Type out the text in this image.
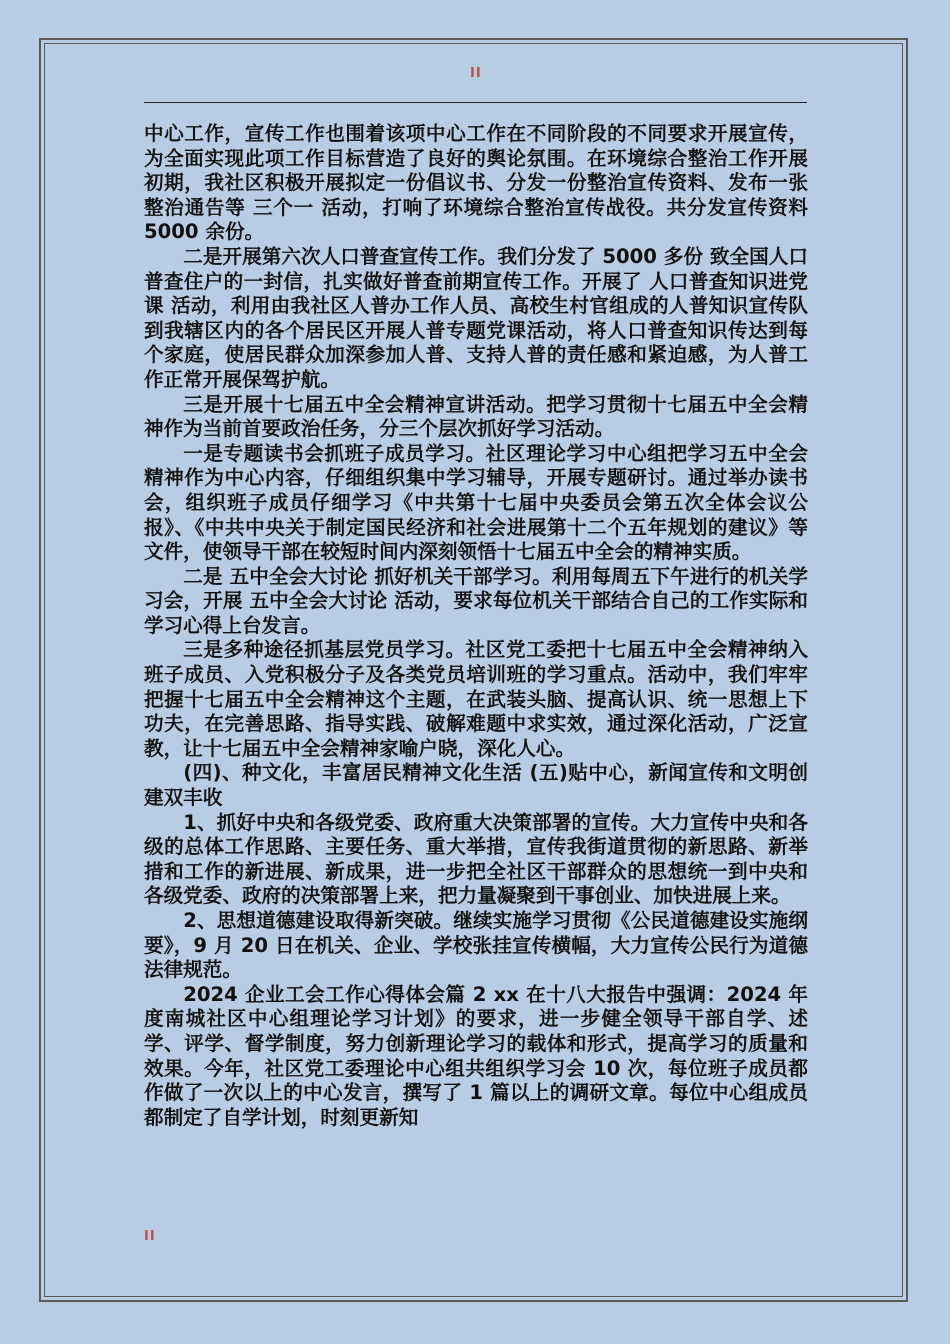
II

中心工作，宣传工作也围着该项中心工作在不同阶段的不同要求开展宣传，为全面实现此项工作目标营造了良好的舆论氛围。在环境综合整治工作开展初期，我社区积极开展拟定一份倡议书、分发一份整治宣传资料、发布一张整治通告等 三个一 活动，打响了环境综合整治宣传战役。共分发宣传资料 5000 余份。

二是开展第六次人口普查宣传工作。我们分发了 5000 多份 致全国人口普查住户的一封信，扎实做好普查前期宣传工作。开展了 人口普查知识进党课 活动，利用由我社区人普办工作人员、高校生村官组成的人普知识宣传队到我辖区内的各个居民区开展人普专题党课活动，将人口普查知识传达到每个家庭，使居民群众加深参加人普、支持人普的责任感和紧迫感，为人普工作正常开展保驾护航。

三是开展十七届五中全会精神宣讲活动。把学习贯彻十七届五中全会精神作为当前首要政治任务，分三个层次抓好学习活动。

一是专题读书会抓班子成员学习。社区理论学习中心组把学习五中全会精神作为中心内容，仔细组织集中学习辅导，开展专题研讨。通过举办读书会，组织班子成员仔细学习《中共第十七届中央委员会第五次全体会议公报》、《中共中央关于制定国民经济和社会进展第十二个五年规划的建议》等文件，使领导干部在较短时间内深刻领悟十七届五中全会的精神实质。

二是 五中全会大讨论 抓好机关干部学习。利用每周五下午进行的机关学习会，开展 五中全会大讨论 活动，要求每位机关干部结合自己的工作实际和学习心得上台发言。

三是多种途径抓基层党员学习。社区党工委把十七届五中全会精神纳入班子成员、入党积极分子及各类党员培训班的学习重点。活动中，我们牢牢把握十七届五中全会精神这个主题，在武装头脑、提高认识、统一思想上下功夫，在完善思路、指导实践、破解难题中求实效，通过深化活动，广泛宣教，让十七届五中全会精神家喻户晓，深化人心。

(四)、种文化，丰富居民精神文化生活 (五)贴中心，新闻宣传和文明创建双丰收

1、抓好中央和各级党委、政府重大决策部署的宣传。大力宣传中央和各级的总体工作思路、主要任务、重大举措，宣传我街道贯彻的新思路、新举措和工作的新进展、新成果，进一步把全社区干部群众的思想统一到中央和各级党委、政府的决策部署上来，把力量凝聚到干事创业、加快进展上来。

2、思想道德建设取得新突破。继续实施学习贯彻《公民道德建设实施纲要》，9 月 20 日在机关、企业、学校张挂宣传横幅，大力宣传公民行为道德法律规范。

2024 企业工会工作心得体会篇 2 xx 在十八大报告中强调：2024 年度南城社区中心组理论学习计划》的要求，进一步健全领导干部自学、述学、评学、督学制度，努力创新理论学习的载体和形式，提高学习的质量和效果。今年，社区党工委理论中心组共组织学习会 10 次，每位班子成员都作做了一次以上的中心发言，撰写了 1 篇以上的调研文章。每位中心组成员都制定了自学计划，时刻更新知

II
